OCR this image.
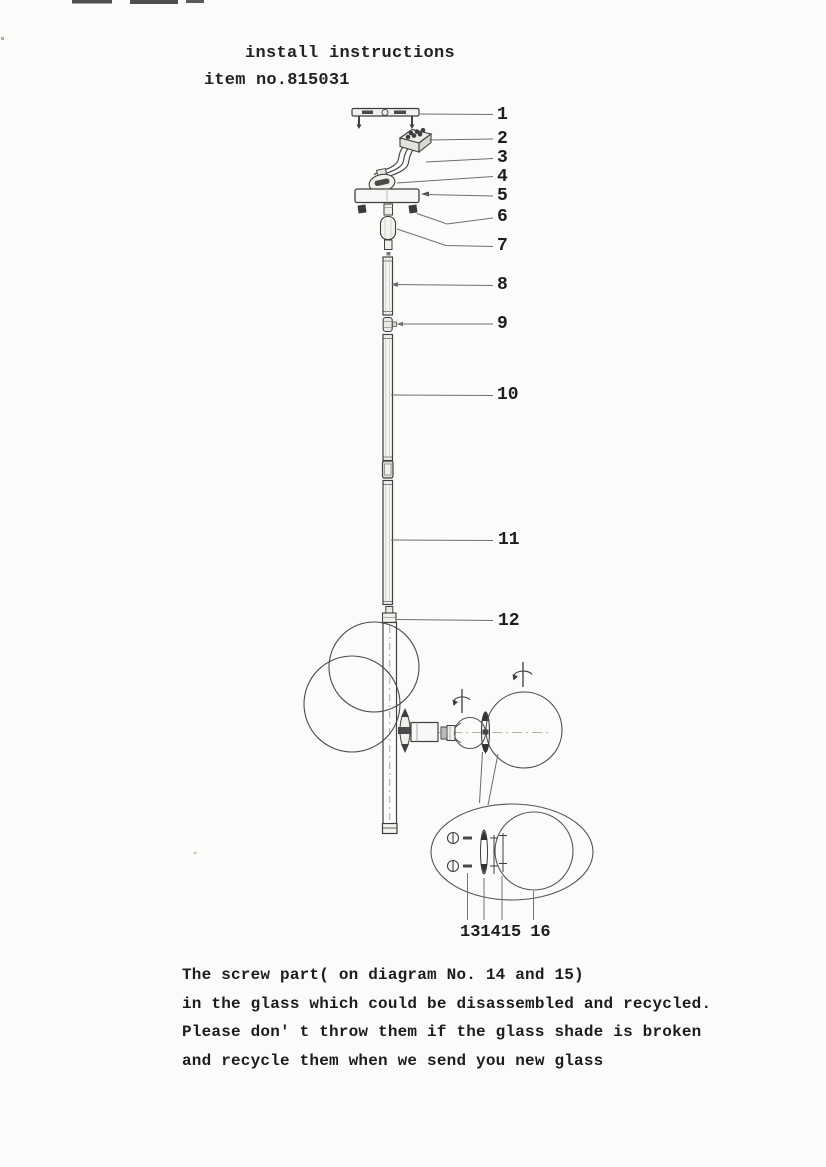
install instructions
item no.815031
1
2
3
4
5
6
7
8
9
10
11
12
13 14 15 16
The screw part( on diagram No. 14 and 15)
in the glass which could be disassembled and recycled.
Please don' t throw them if the glass shade is broken
and recycle them when we send you new glass
